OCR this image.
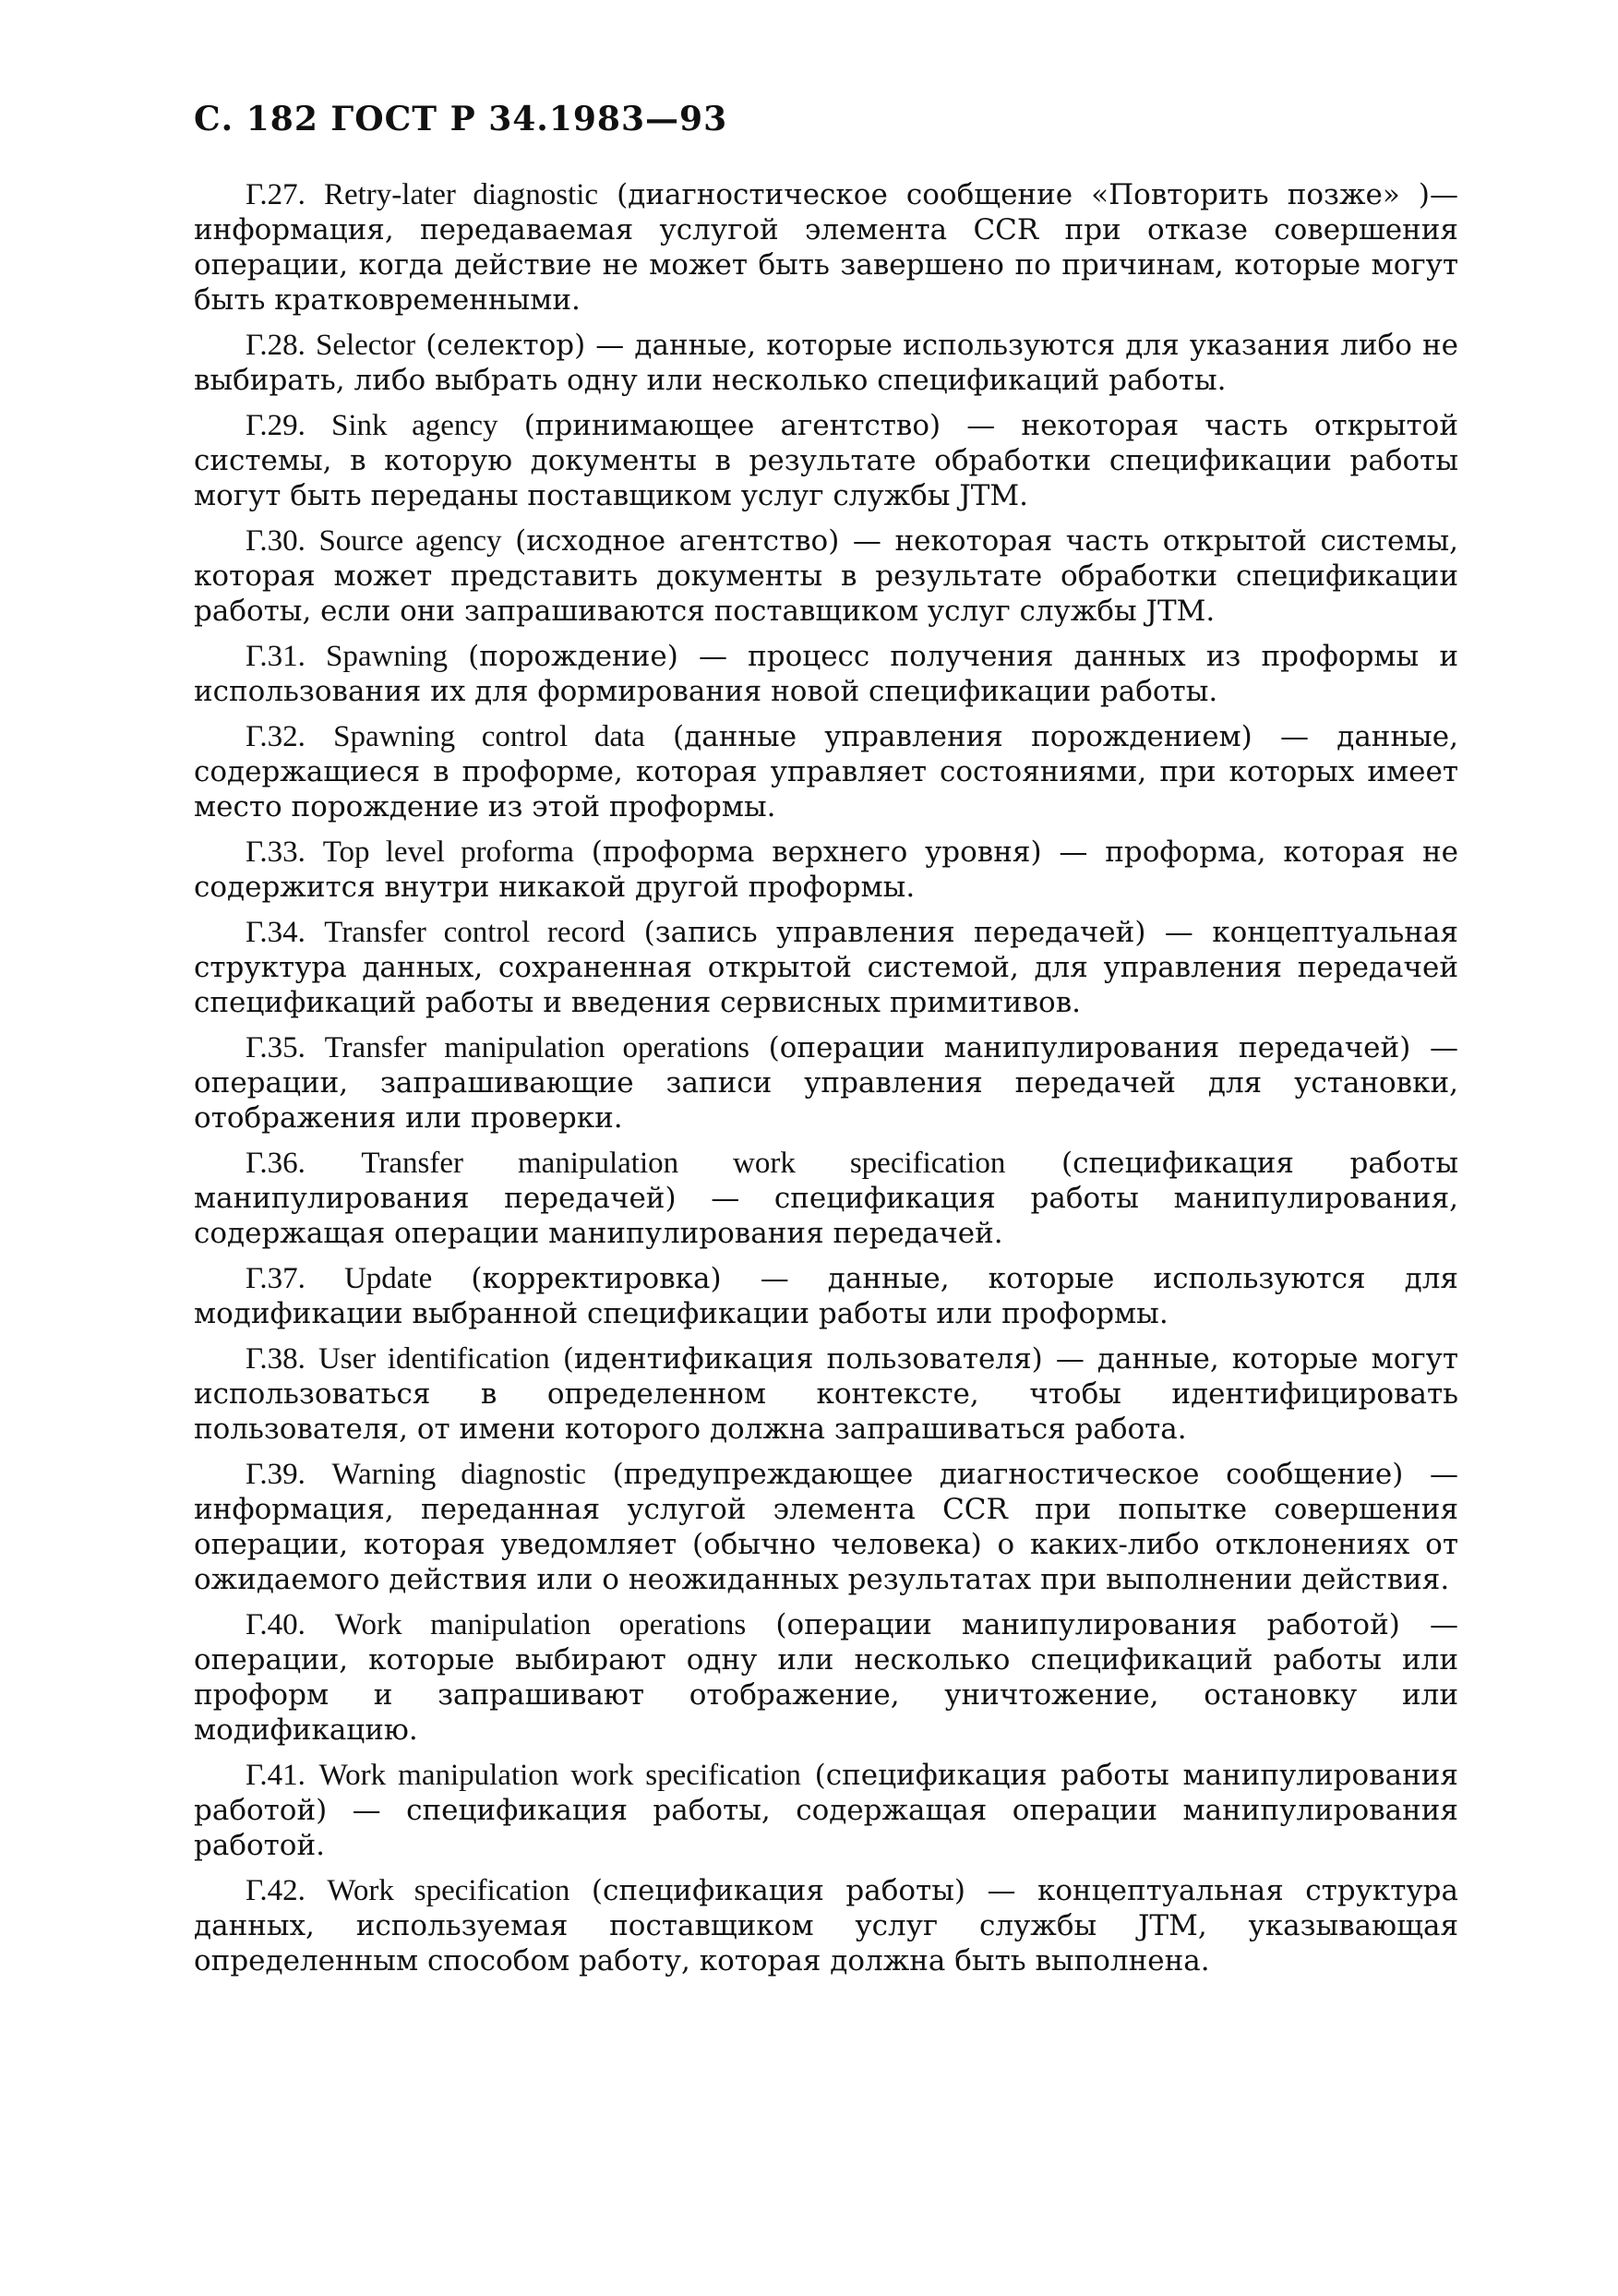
С. 182 ГОСТ Р 34.1983—93

Г.27. Retry-later diagnostic (диагностическое сообщение «Повторить позже» )— информация, передаваемая услугой элемента CCR при отказе совершения операции, когда действие не может быть завершено по причинам, которые могут быть кратковременными.

Г.28. Selector (селектор) — данные, которые используются для указания либо не выбирать, либо выбрать одну или несколько спецификаций работы.

Г.29. Sink agency (принимающее агентство) — некоторая часть открытой системы, в которую документы в результате обработки спецификации работы могут быть переданы поставщиком услуг службы JTM.

Г.30. Source agency (исходное агентство) — некоторая часть открытой системы, которая может представить документы в результате обработки спецификации работы, если они запрашиваются поставщиком услуг службы JTM.

Г.31. Spawning (порождение) — процесс получения данных из проформы и использования их для формирования новой спецификации работы.

Г.32. Spawning control data (данные управления порождением) — данные, содержащиеся в проформе, которая управляет состояниями, при которых имеет место порождение из этой проформы.

Г.33. Top level proforma (проформа верхнего уровня) — проформа, которая не содержится внутри никакой другой проформы.

Г.34. Transfer control record (запись управления передачей) — концептуальная структура данных, сохраненная открытой системой, для управления передачей спецификаций работы и введения сервисных примитивов.

Г.35. Transfer manipulation operations (операции манипулирования передачей) — операции, запрашивающие записи управления передачей для установки, отображения или проверки.

Г.36. Transfer manipulation work specification (спецификация работы манипулирования передачей) — спецификация работы манипулирования, содержащая операции манипулирования передачей.

Г.37. Update (корректировка) — данные, которые используются для модификации выбранной спецификации работы или проформы.

Г.38. User identification (идентификация пользователя) — данные, которые могут использоваться в определенном контексте, чтобы идентифицировать пользователя, от имени которого должна запрашиваться работа.

Г.39. Warning diagnostic (предупреждающее диагностическое сообщение) — информация, переданная услугой элемента CCR при попытке совершения операции, которая уведомляет (обычно человека) о каких-либо отклонениях от ожидаемого действия или о неожиданных результатах при выполнении действия.

Г.40. Work manipulation operations (операции манипулирования работой) — операции, которые выбирают одну или несколько спецификаций работы или проформ и запрашивают отображение, уничтожение, остановку или модификацию.

Г.41. Work manipulation work specification (спецификация работы манипулирования работой) — спецификация работы, содержащая операции манипулирования работой.

Г.42. Work specification (спецификация работы) — концептуальная структура данных, используемая поставщиком услуг службы JTM, указывающая определенным способом работу, которая должна быть выполнена.
